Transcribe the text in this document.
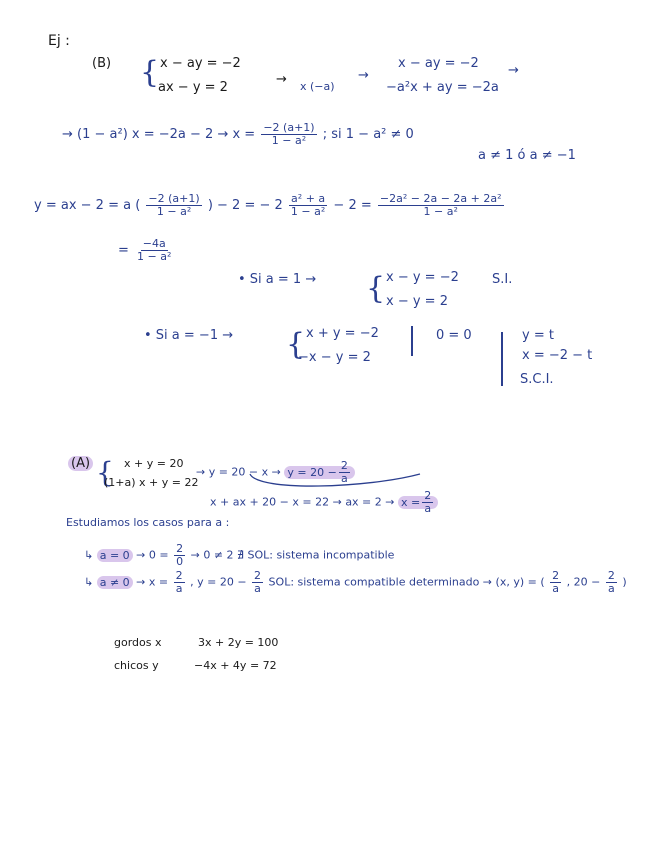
Ej :
(B) { x − ay = −2
ax − y = 2
→ x (−a)
→
x − ay = −2
−a²x + ay = −2a
→
→ (1 − a²) $x = -2a - 2 \to x = \frac{-2 (a+1)}{\text{1 − a²}}$ ; si 1 − a² ≠ 0
a ≠ 1 ó a ≠ −1
y = ax − 2 = a ( $\frac{-2 (a+1)}{\text{1 − a²}}$ ) − 2 = − $2 \frac{\text{a² + a}}{\text{1 − a²}} - 2 = \frac{\text{−2a² − 2a − 2a + 2a²}}{\text{1 − a²}}$
= $\frac{-4a}{\text{1 − a²}}$
• Si a = 1 → { x − y = −2
x − y = 2
S.I.
• Si a = −1 → { x + y = −2
−x − y = 2
0 = 0	y = t
x = −2 − t
S.C.I.
(A) { x + y = 20
(1+a) x + y = 22
→ $y = 20 - x \to y = 20 - \frac{2}{a}$
x + ax + 20 − x = 22 → ax = $2 \to x = \frac{2}{a}$
Estudiamos los casos para a :
↳ $a = 0 \to 0 = \frac{2}{0} \to 0 \ne 2$ ∄ SOL: sistema incompatible
↳ $a \ne 0 \to x = \frac{2}{a}$ , $y = 20 - \frac{2}{a}$ SOL: sistema compatible determinado → (x, y) = ( $\frac{2}{a}$ , $20 - \frac{2}{a}$ )
gordos x	3x + 2y = 100
chicos y	−4x + 4y = 72
